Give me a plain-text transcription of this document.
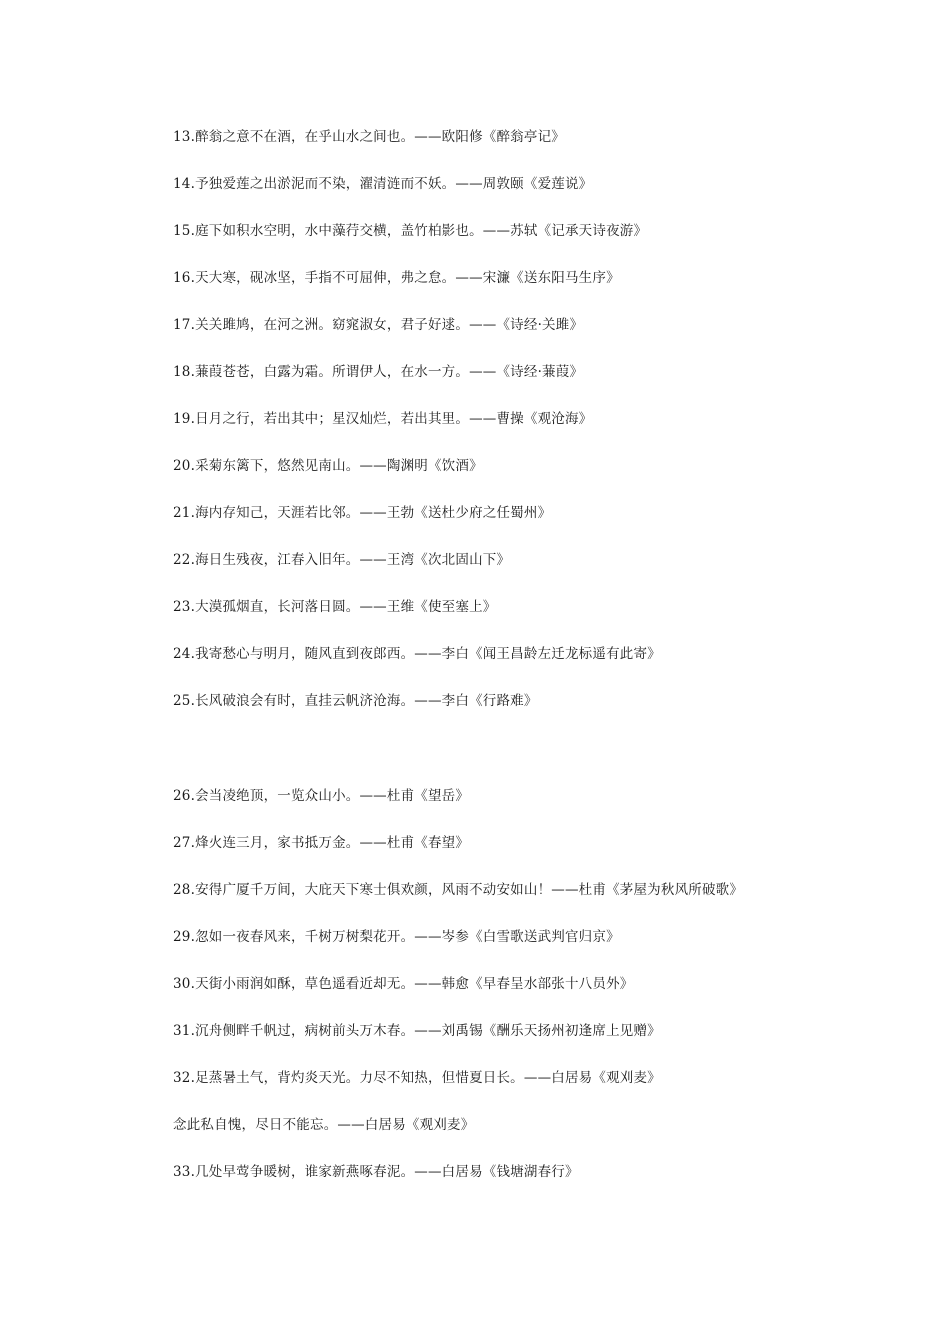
13.醉翁之意不在酒，在乎山水之间也。——欧阳修《醉翁亭记》
14.予独爱莲之出淤泥而不染，濯清涟而不妖。——周敦颐《爱莲说》
15.庭下如积水空明，水中藻荇交横，盖竹柏影也。——苏轼《记承天诗夜游》
16.天大寒，砚冰坚，手指不可屈伸，弗之怠。——宋濂《送东阳马生序》
17.关关雎鸠，在河之洲。窈窕淑女，君子好逑。——《诗经·关雎》
18.蒹葭苍苍，白露为霜。所谓伊人，在水一方。——《诗经·蒹葭》
19.日月之行，若出其中；星汉灿烂，若出其里。——曹操《观沧海》
20.采菊东篱下，悠然见南山。——陶渊明《饮酒》
21.海内存知己，天涯若比邻。——王勃《送杜少府之任蜀州》
22.海日生残夜，江春入旧年。——王湾《次北固山下》
23.大漠孤烟直，长河落日圆。——王维《使至塞上》
24.我寄愁心与明月，随风直到夜郎西。——李白《闻王昌龄左迁龙标遥有此寄》
25.长风破浪会有时，直挂云帆济沧海。——李白《行路难》
26.会当凌绝顶，一览众山小。——杜甫《望岳》
27.烽火连三月，家书抵万金。——杜甫《春望》
28.安得广厦千万间，大庇天下寒士俱欢颜，风雨不动安如山！——杜甫《茅屋为秋风所破歌》
29.忽如一夜春风来，千树万树梨花开。——岑参《白雪歌送武判官归京》
30.天街小雨润如酥，草色遥看近却无。——韩愈《早春呈水部张十八员外》
31.沉舟侧畔千帆过，病树前头万木春。——刘禹锡《酬乐天扬州初逢席上见赠》
32.足蒸暑土气，背灼炎天光。力尽不知热，但惜夏日长。——白居易《观刈麦》
念此私自愧，尽日不能忘。——白居易《观刈麦》
33.几处早莺争暖树，谁家新燕啄春泥。——白居易《钱塘湖春行》
